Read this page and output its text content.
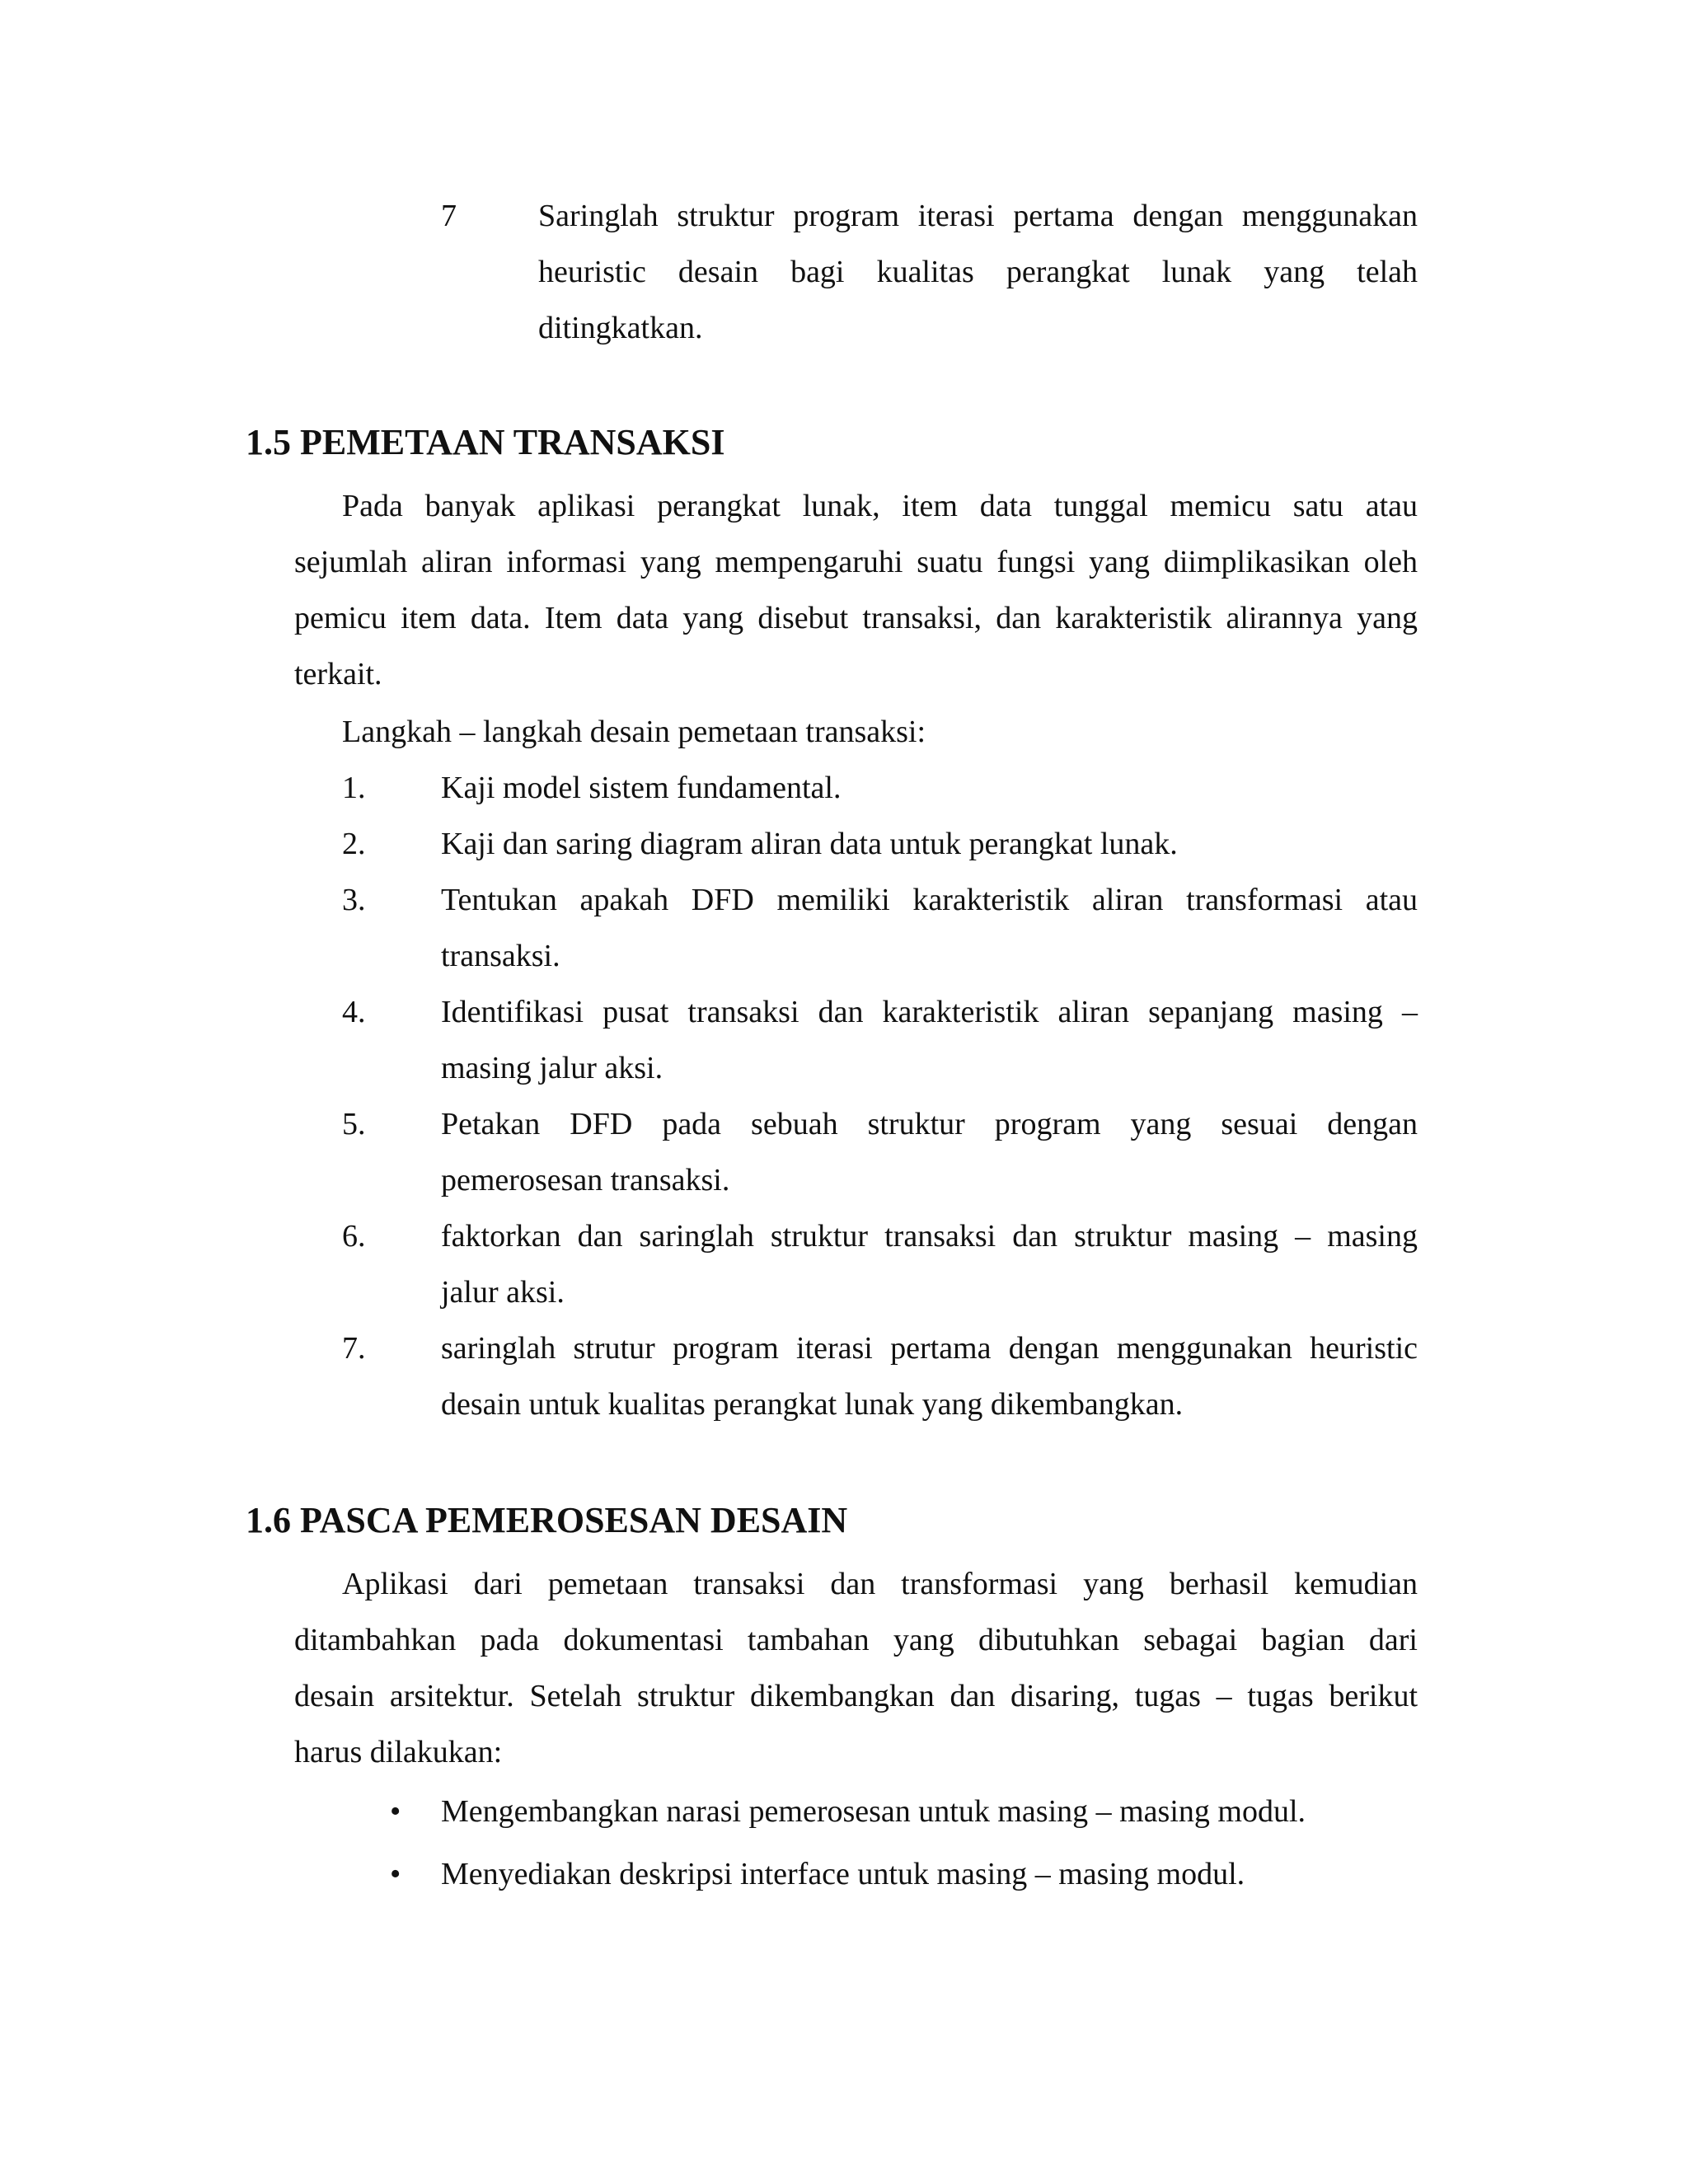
7	Saringlah struktur program iterasi pertama dengan menggunakan
heuristic desain bagi kualitas perangkat lunak yang telah
ditingkatkan.
1.5 PEMETAAN TRANSAKSI
Pada banyak aplikasi perangkat lunak, item data tunggal memicu satu atau
sejumlah aliran informasi yang mempengaruhi suatu fungsi yang diimplikasikan oleh
pemicu item data. Item data yang disebut transaksi, dan karakteristik alirannya yang
terkait.
Langkah – langkah desain pemetaan transaksi:
1. Kaji model sistem fundamental.
2. Kaji dan saring diagram aliran data untuk perangkat lunak.
3. Tentukan apakah DFD memiliki karakteristik aliran transformasi atau
transaksi.
4. Identifikasi pusat transaksi dan karakteristik aliran sepanjang masing –
masing jalur aksi.
5. Petakan DFD pada sebuah struktur program yang sesuai dengan
pemerosesan transaksi.
6. faktorkan dan saringlah struktur transaksi dan struktur masing – masing
jalur aksi.
7. saringlah strutur program iterasi pertama dengan menggunakan heuristic
desain untuk kualitas perangkat lunak yang dikembangkan.
1.6 PASCA PEMEROSESAN DESAIN
Aplikasi dari pemetaan transaksi dan transformasi yang berhasil kemudian
ditambahkan pada dokumentasi tambahan yang dibutuhkan sebagai bagian dari
desain arsitektur. Setelah struktur dikembangkan dan disaring, tugas – tugas berikut
harus dilakukan:
• Mengembangkan narasi pemerosesan untuk masing – masing modul.
• Menyediakan deskripsi interface untuk masing – masing modul.
